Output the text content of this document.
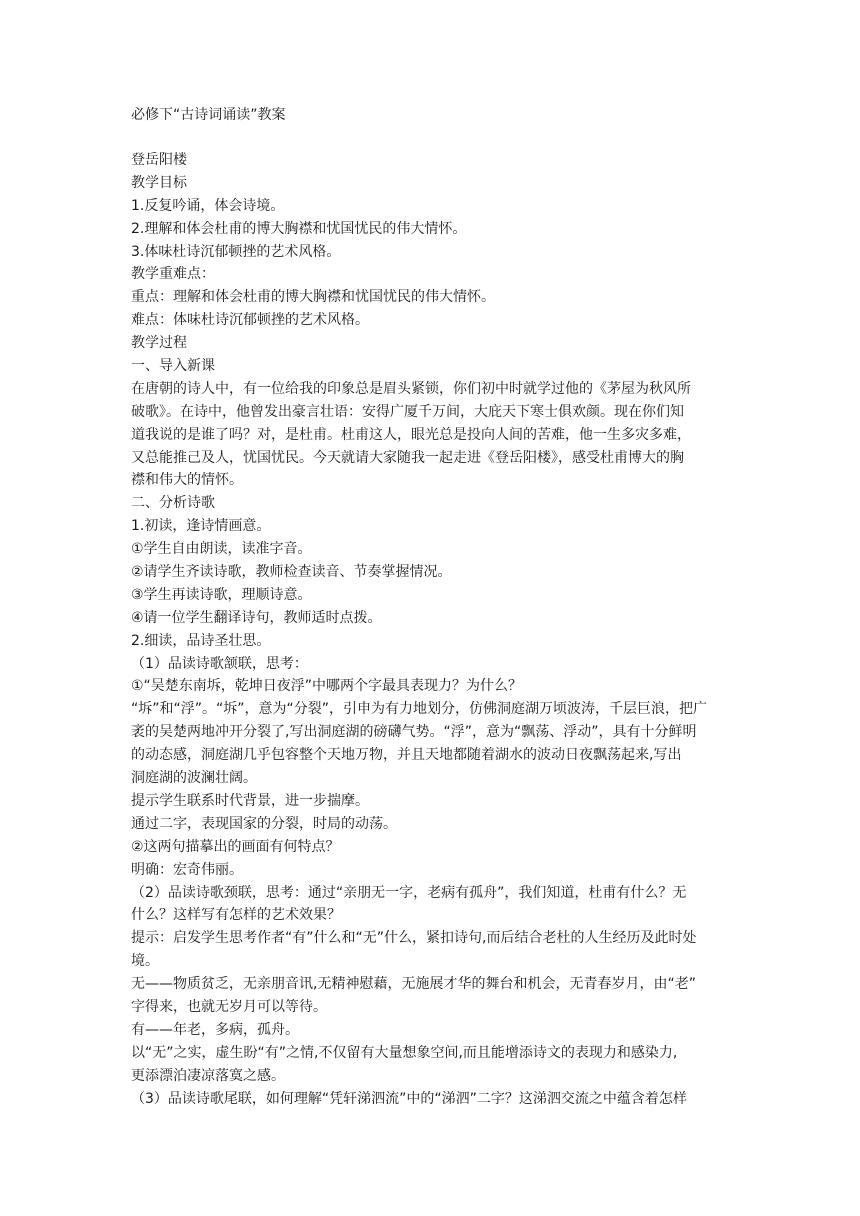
必修下“古诗词诵读”教案
登岳阳楼
教学目标
1.反复吟诵，体会诗境。
2.理解和体会杜甫的博大胸襟和忧国忧民的伟大情怀。
3.体味杜诗沉郁顿挫的艺术风格。
教学重难点：
重点：理解和体会杜甫的博大胸襟和忧国忧民的伟大情怀。
难点：体味杜诗沉郁顿挫的艺术风格。
教学过程
一、导入新课
在唐朝的诗人中，有一位给我的印象总是眉头紧锁，你们初中时就学过他的《茅屋为秋风所
破歌》。在诗中，他曾发出豪言壮语：安得广厦千万间，大庇天下寒士俱欢颜。现在你们知
道我说的是谁了吗？对，是杜甫。杜甫这人，眼光总是投向人间的苦难，他一生多灾多难，
又总能推己及人，忧国忧民。今天就请大家随我一起走进《登岳阳楼》，感受杜甫博大的胸
襟和伟大的情怀。
二、分析诗歌
1.初读，逢诗情画意。
①学生自由朗读，读准字音。
②请学生齐读诗歌，教师检查读音、节奏掌握情况。
③学生再读诗歌，理顺诗意。
④请一位学生翻译诗句，教师适时点拨。
2.细读，品诗圣壮思。
（1）品读诗歌颔联，思考：
①“吴楚东南坼，乾坤日夜浮”中哪两个字最具表现力？为什么？
“坼”和“浮”。“坼”，意为“分裂”，引申为有力地划分，仿佛洞庭湖万顷波涛，千层巨浪，把广
袤的吴楚两地冲开分裂了,写出洞庭湖的磅礴气势。“浮”，意为“飘荡、浮动”，具有十分鲜明
的动态感，洞庭湖几乎包容整个天地万物，并且天地都随着湖水的波动日夜飘荡起来,写出
洞庭湖的波澜壮阔。
提示学生联系时代背景，进一步揣摩。
通过二字，表现国家的分裂，时局的动荡。
②这两句描摹出的画面有何特点？
明确：宏奇伟丽。
（2）品读诗歌颈联，思考：通过“亲朋无一字，老病有孤舟”，我们知道，杜甫有什么？无
什么？这样写有怎样的艺术效果？
提示：启发学生思考作者“有”什么和“无”什么，紧扣诗句,而后结合老杜的人生经历及此时处
境。
无——物质贫乏，无亲朋音讯,无精神慰藉，无施展才华的舞台和机会，无青春岁月，由“老”
字得来，也就无岁月可以等待。
有——年老，多病，孤舟。
以“无”之实，虚生盼“有”之情,不仅留有大量想象空间,而且能增添诗文的表现力和感染力,
更添漂泊凄凉落寞之感。
（3）品读诗歌尾联，如何理解“凭轩涕泗流”中的“涕泗”二字？这涕泗交流之中蕴含着怎样
